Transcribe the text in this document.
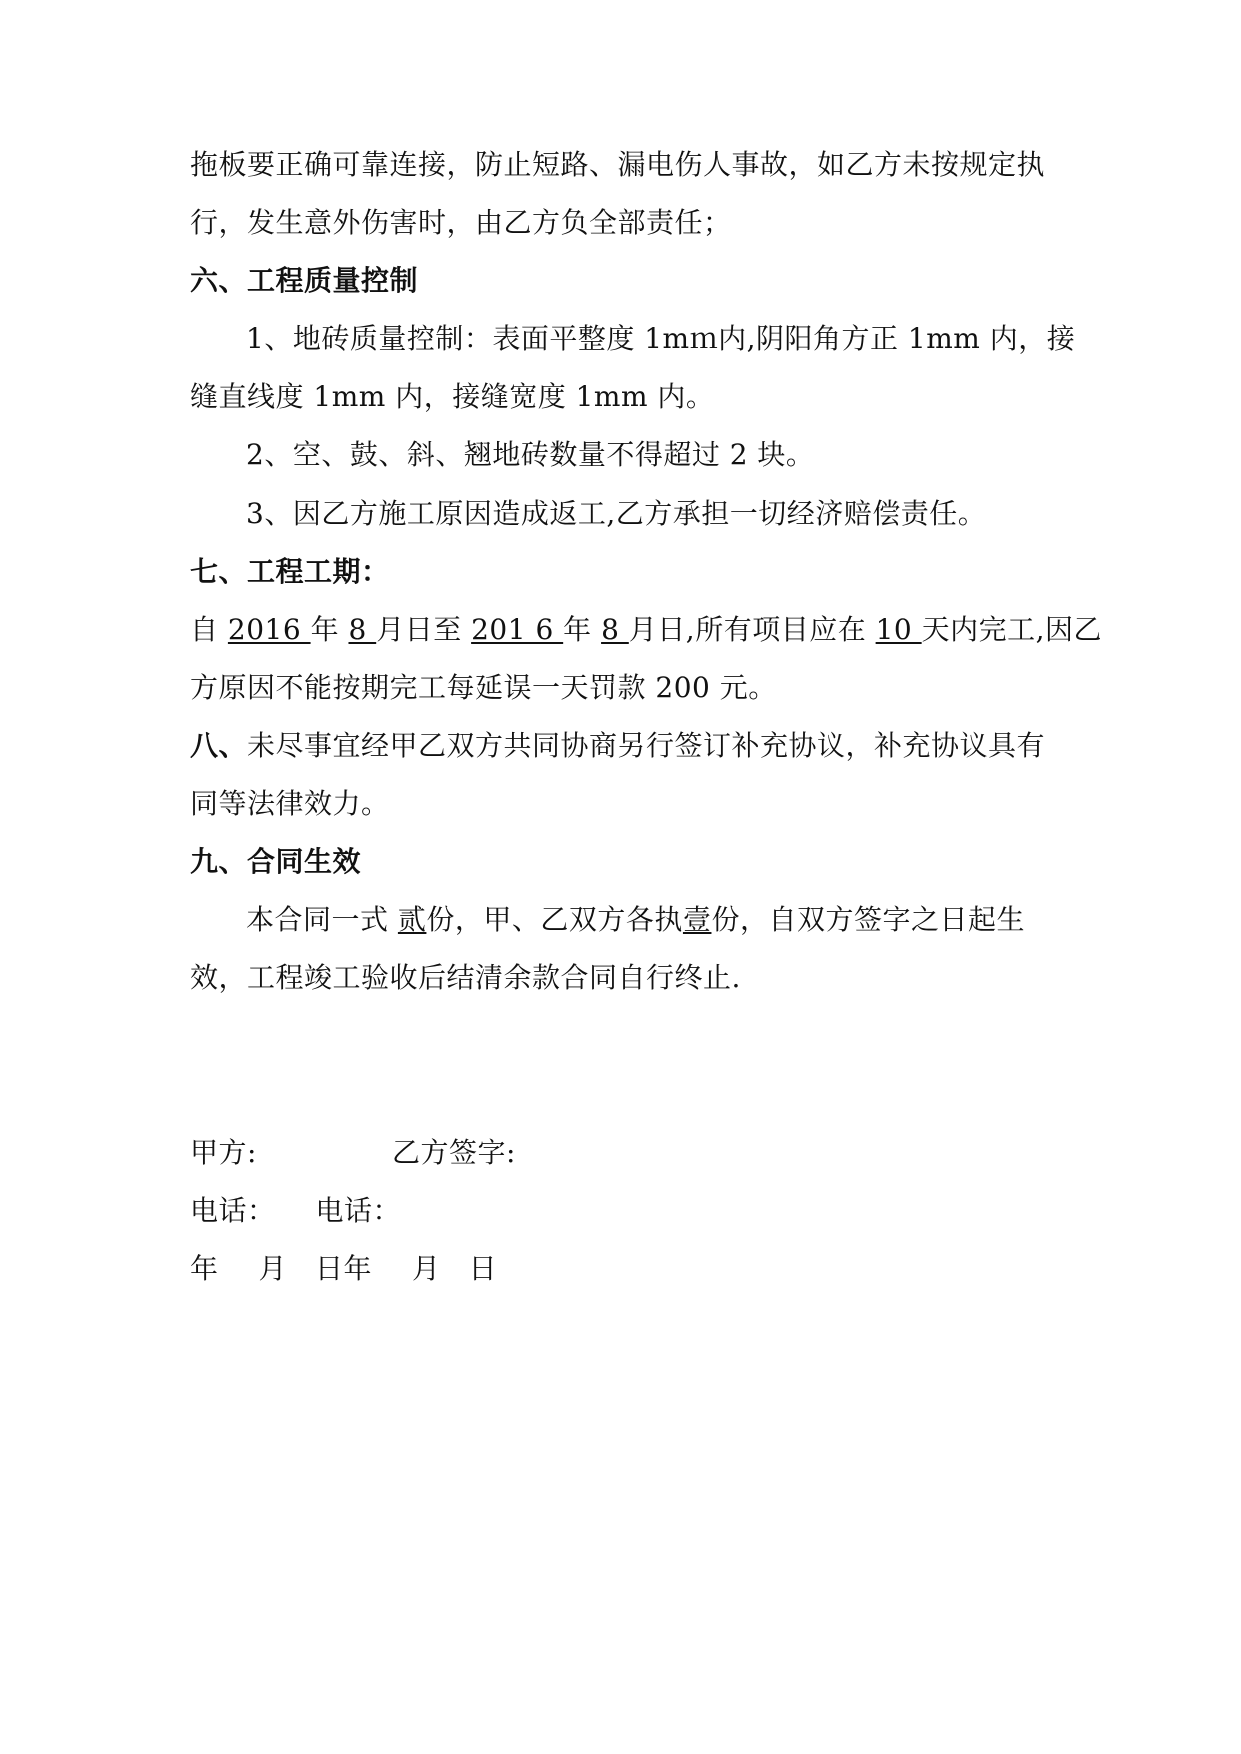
拖板要正确可靠连接，防止短路、漏电伤人事故，如乙方未按规定执
行，发生意外伤害时，由乙方负全部责任；
六、工程质量控制
1、地砖质量控制：表面平整度 1mｍ内,阴阳角方正 1mm 内，接
缝直线度 1mm 内，接缝宽度 1mm 内。
2、空、鼓、斜、翘地砖数量不得超过 2 块。
3、因乙方施工原因造成返工,乙方承担一切经济赔偿责任。
七、工程工期：
自 2016 年 8 月日至 201 6 年 8 月日,所有项目应在 10 天内完工,因乙
方原因不能按期完工每延误一天罚款 200 元。
八、未尽事宜经甲乙双方共同协商另行签订补充协议，补充协议具有
同等法律效力。
九、合同生效
本合同一式 贰份，甲、乙双方各执壹份，自双方签字之日起生
效，工程竣工验收后结清余款合同自行终止.
甲方:	乙方签字:
电话： 电话：
年 月 日年 月 日
